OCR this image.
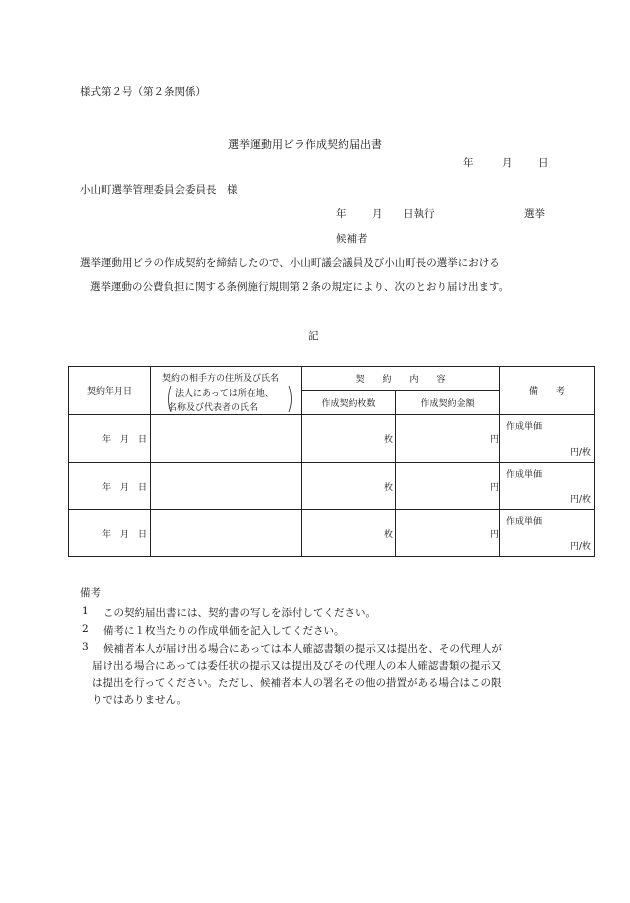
様式第２号（第２条関係）
選挙運動用ビラ作成契約届出書
年	月 日
小山町選挙管理委員会委員長　様
年 月 日執行	選挙
候補者
選挙運動用ビラの作成契約を締結したので、小山町議会議員及び小山町長の選挙における
選挙運動の公費負担に関する条例施行規則第２条の規定により、次のとおり届け出ます。
記
契約年月日	契約の相手方の住所及び氏名
法人にあっては所在地、
名称及び代表者の氏名	契　　約　　内　　容		備　　考
		作成契約枚数	作成契約金額	
年　月　日		枚	円	作成単価
円/枚

年　月　日		枚	円	作成単価
円/枚

年　月　日		枚	円	作成単価
円/枚
備考
1 この契約届出書には、契約書の写しを添付してください。
2 備考に１枚当たりの作成単価を記入してください。
3 候補者本人が届け出る場合にあっては本人確認書類の提示又は提出を、その代理人が
届け出る場合にあっては委任状の提示又は提出及びその代理人の本人確認書類の提示又
は提出を行ってください。ただし、候補者本人の署名その他の措置がある場合はこの限
りではありません。
